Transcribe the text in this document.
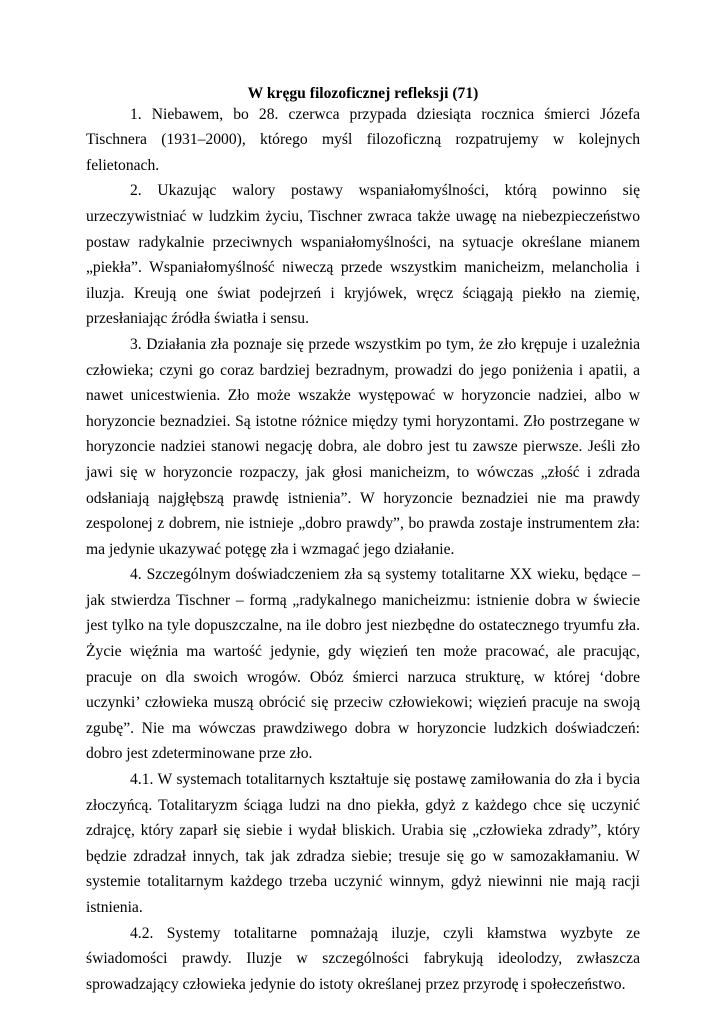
W kręgu filozoficznej refleksji (71)

1. Niebawem, bo 28. czerwca przypada dziesiąta rocznica śmierci Józefa Tischnera (1931–2000), którego myśl filozoficzną rozpatrujemy w kolejnych felietonach.

2. Ukazując walory postawy wspaniałomyślności, którą powinno się urzeczywistniać w ludzkim życiu, Tischner zwraca także uwagę na niebezpieczeństwo postaw radykalnie przeciwnych wspaniałomyślności, na sytuacje określane mianem „piekła”. Wspaniałomyślność niweczą przede wszystkim manicheizm, melancholia i iluzja. Kreują one świat podejrzeń i kryjówek, wręcz ściągają piekło na ziemię, przesłaniając źródła światła i sensu.

3. Działania zła poznaje się przede wszystkim po tym, że zło krępuje i uzależnia człowieka; czyni go coraz bardziej bezradnym, prowadzi do jego poniżenia i apatii, a nawet unicestwienia. Zło może wszakże występować w horyzoncie nadziei, albo w horyzoncie beznadziei. Są istotne różnice między tymi horyzontami. Zło postrzegane w horyzoncie nadziei stanowi negację dobra, ale dobro jest tu zawsze pierwsze. Jeśli zło jawi się w horyzoncie rozpaczy, jak głosi manicheizm, to wówczas „złość i zdrada odsłaniają najgłębszą prawdę istnienia”. W horyzoncie beznadziei nie ma prawdy zespolonej z dobrem, nie istnieje „dobro prawdy”, bo prawda zostaje instrumentem zła: ma jedynie ukazywać potęgę zła i wzmagać jego działanie.

4. Szczególnym doświadczeniem zła są systemy totalitarne XX wieku, będące – jak stwierdza Tischner – formą „radykalnego manicheizmu: istnienie dobra w świecie jest tylko na tyle dopuszczalne, na ile dobro jest niezbędne do ostatecznego tryumfu zła. Życie więźnia ma wartość jedynie, gdy więzień ten może pracować, ale pracując, pracuje on dla swoich wrogów. Obóz śmierci narzuca strukturę, w której ‘dobre uczynki’ człowieka muszą obrócić się przeciw człowiekowi; więzień pracuje na swoją zgubę”. Nie ma wówczas prawdziwego dobra w horyzoncie ludzkich doświadczeń: dobro jest zdeterminowane prze zło.

4.1. W systemach totalitarnych kształtuje się postawę zamiłowania do zła i bycia złoczyńcą. Totalitaryzm ściąga ludzi na dno piekła, gdyż z każdego chce się uczynić zdrajcę, który zaparł się siebie i wydał bliskich. Urabia się „człowieka zdrady”, który będzie zdradzał innych, tak jak zdradza siebie; tresuje się go w samozakłamaniu. W systemie totalitarnym każdego trzeba uczynić winnym, gdyż niewinni nie mają racji istnienia.

4.2. Systemy totalitarne pomnażają iluzje, czyli kłamstwa wyzbyte ze świadomości prawdy. Iluzje w szczególności fabrykują ideolodzy, zwłaszcza sprowadzający człowieka jedynie do istoty określanej przez przyrodę i społeczeństwo.
